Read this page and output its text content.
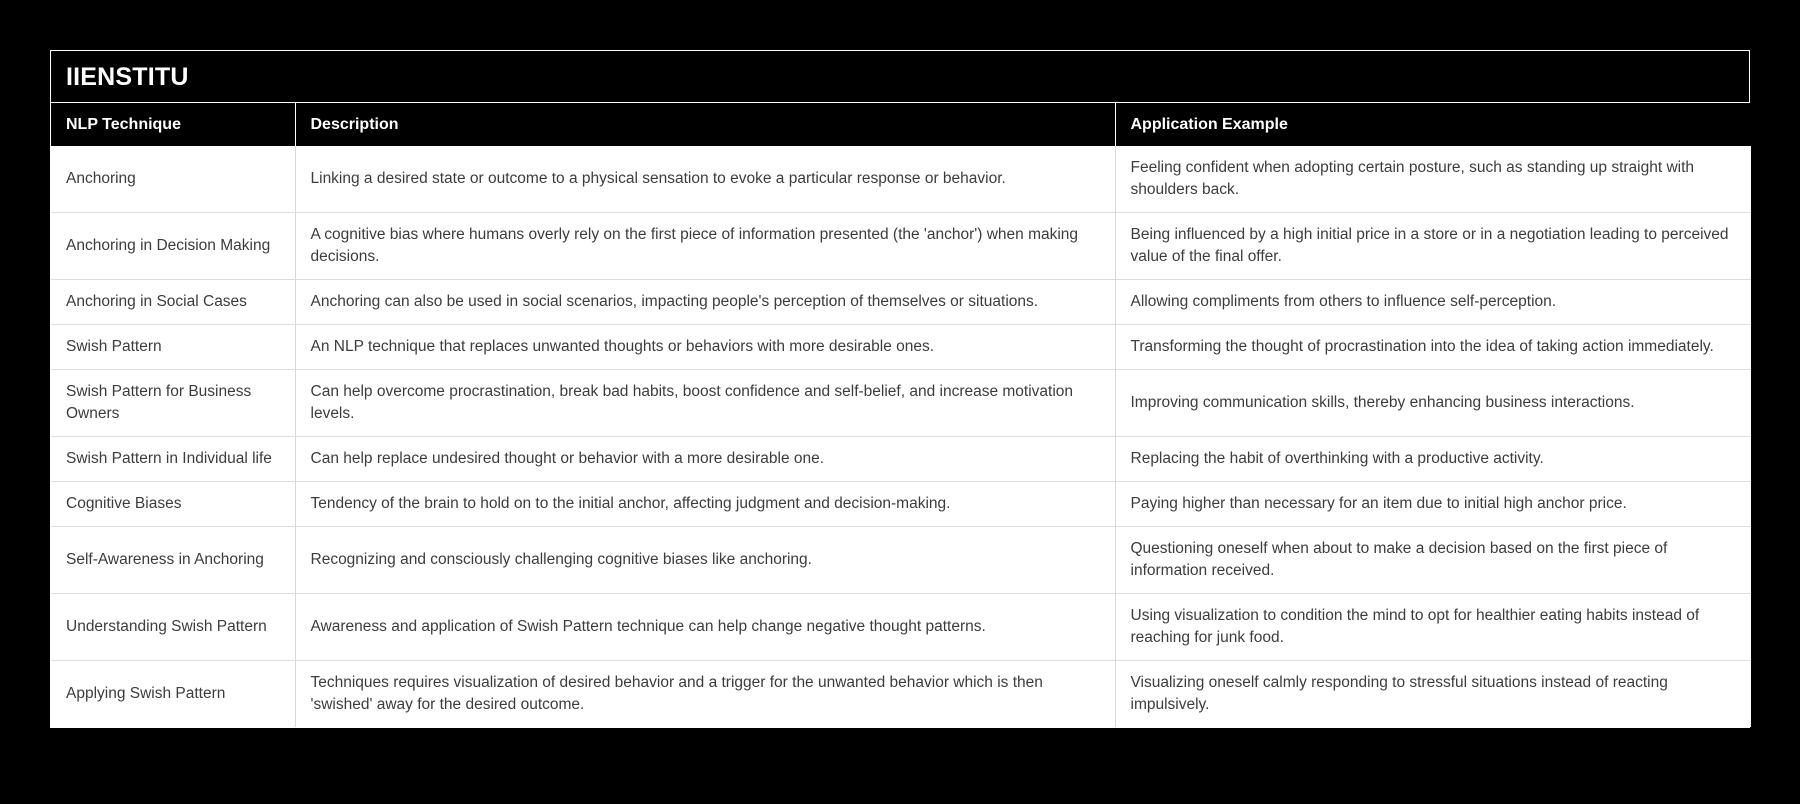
IIENSTITU
NLP Technique	Description	Application Example
Anchoring	Linking a desired state or outcome to a physical sensation to evoke a particular response or behavior.	Feeling confident when adopting certain posture, such as standing up straight with shoulders back.
Anchoring in Decision Making	A cognitive bias where humans overly rely on the first piece of information presented (the 'anchor') when making decisions.	Being influenced by a high initial price in a store or in a negotiation leading to perceived value of the final offer.
Anchoring in Social Cases	Anchoring can also be used in social scenarios, impacting people's perception of themselves or situations.	Allowing compliments from others to influence self-perception.
Swish Pattern	An NLP technique that replaces unwanted thoughts or behaviors with more desirable ones.	Transforming the thought of procrastination into the idea of taking action immediately.
Swish Pattern for Business Owners	Can help overcome procrastination, break bad habits, boost confidence and self-belief, and increase motivation levels.	Improving communication skills, thereby enhancing business interactions.
Swish Pattern in Individual life	Can help replace undesired thought or behavior with a more desirable one.	Replacing the habit of overthinking with a productive activity.
Cognitive Biases	Tendency of the brain to hold on to the initial anchor, affecting judgment and decision-making.	Paying higher than necessary for an item due to initial high anchor price.
Self-Awareness in Anchoring	Recognizing and consciously challenging cognitive biases like anchoring.	Questioning oneself when about to make a decision based on the first piece of information received.
Understanding Swish Pattern	Awareness and application of Swish Pattern technique can help change negative thought patterns.	Using visualization to condition the mind to opt for healthier eating habits instead of reaching for junk food.
Applying Swish Pattern	Techniques requires visualization of desired behavior and a trigger for the unwanted behavior which is then 'swished' away for the desired outcome.	Visualizing oneself calmly responding to stressful situations instead of reacting impulsively.
